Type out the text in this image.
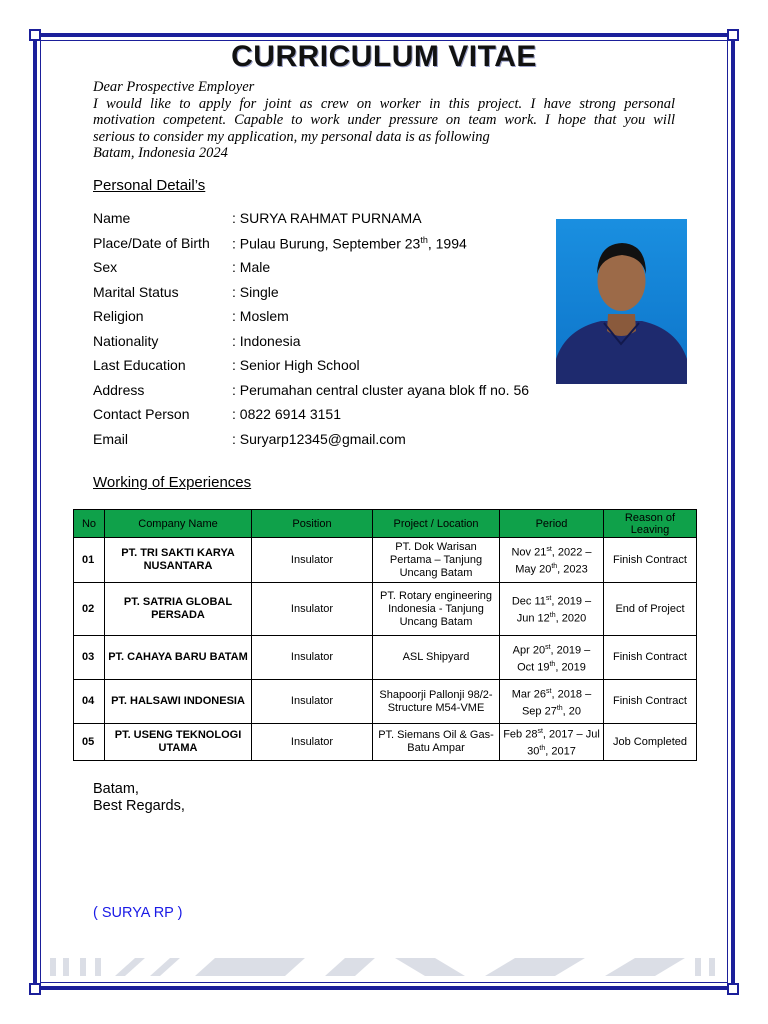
CURRICULUM VITAE
Dear Prospective Employer
I would like to apply for joint as crew on worker in this project. I have strong personal
motivation competent. Capable to work under pressure on team work. I hope that you will
serious to consider my application, my personal data is as following
Batam, Indonesia 2024
Personal Detail’s
Name	: SURYA RAHMAT PURNAMA
Place/Date of Birth : Pulau Burung, September 23th, 1994
Sex	: Male
Marital Status	: Single
Religion	: Moslem
Nationality	: Indonesia
Last Education	: Senior High School
Address	: Perumahan central cluster ayana blok ff no. 56
Contact Person	: 0822 6914 3151
Email	: Suryarp12345@gmail.com
Working of Experiences
No	Company Name	Position	Project / Location	Period	Reason of Leaving
01	PT. TRI SAKTI KARYA NUSANTARA	Insulator	PT. Dok Warisan Pertama – Tanjung Uncang Batam	Nov 21st, 2022 – May 20th, 2023	Finish Contract
02	PT. SATRIA GLOBAL PERSADA	Insulator	PT. Rotary engineering Indonesia - Tanjung Uncang Batam	Dec 11st, 2019 – Jun 12th, 2020	End of Project
03	PT. CAHAYA BARU BATAM	Insulator	ASL Shipyard	Apr 20st, 2019 – Oct 19th, 2019	Finish Contract
04	PT. HALSAWI INDONESIA	Insulator	Shapoorji Pallonji 98/2-Structure M54-VME	Mar 26st, 2018 – Sep 27th, 20	Finish Contract
05	PT. USENG TEKNOLOGI UTAMA	Insulator	PT. Siemans Oil & Gas- Batu Ampar	Feb 28st, 2017 – Jul 30th, 2017	Job Completed
Batam,
Best Regards,
( SURYA RP )
